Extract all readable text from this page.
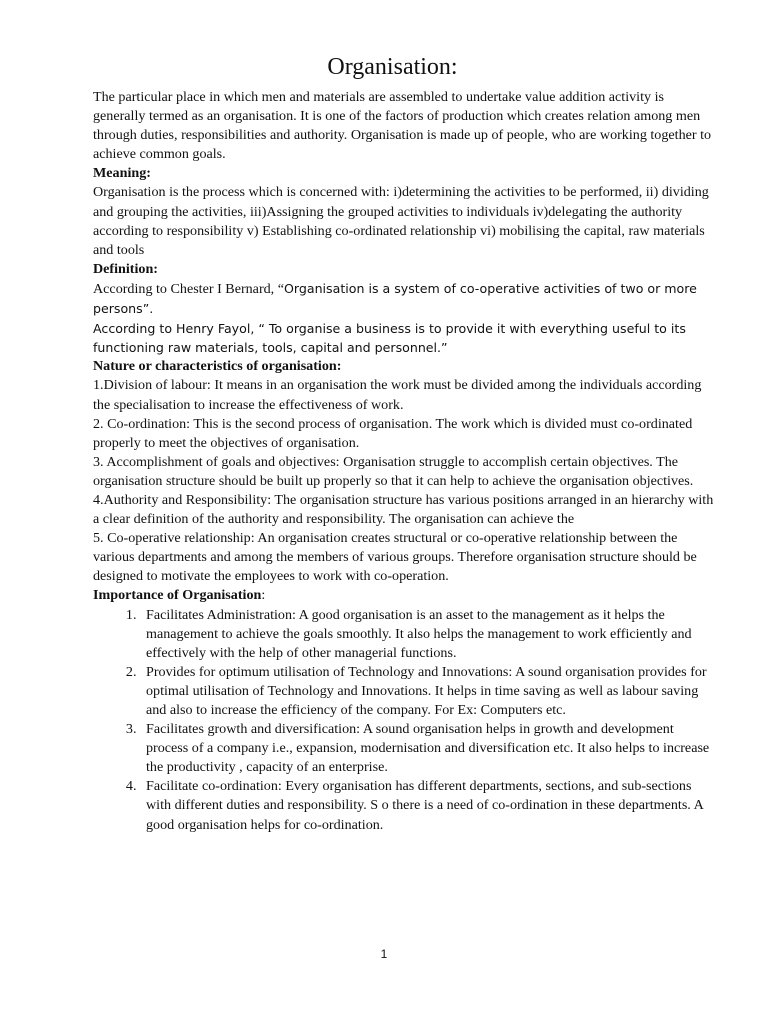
Organisation:

The particular place in which men and materials are assembled to undertake value addition activity is generally termed as an organisation. It is one of the factors of production which creates relation among men through duties, responsibilities and authority. Organisation is made up of people, who are working together to achieve common goals.

Meaning:

Organisation is the process which is concerned with: i)determining the activities to be performed, ii) dividing and grouping the activities, iii)Assigning the grouped activities to individuals iv)delegating the authority according to responsibility v) Establishing co-ordinated relationship vi) mobilising the capital, raw materials and tools

Definition:

According to Chester I Bernard, “Organisation is a system of co-operative activities of two or more persons”.

According to Henry Fayol, “ To organise a business is to provide it with everything useful to its functioning raw materials, tools, capital and personnel.”

Nature or characteristics of organisation:

1.Division of labour: It means in an organisation the work must be divided among the individuals according the specialisation to increase the effectiveness of work.

2. Co-ordination: This is the second process of organisation. The work which is divided must co-ordinated properly to meet the objectives of organisation.

3. Accomplishment of goals and objectives: Organisation struggle to accomplish certain objectives. The organisation structure should be built up properly so that it can help to achieve the organisation objectives.

4.Authority and Responsibility: The organisation structure has various positions arranged in an hierarchy with a clear definition of the authority and responsibility. The organisation can achieve the

5. Co-operative relationship: An organisation creates structural or co-operative relationship between the various departments and among the members of various groups. Therefore organisation structure should be designed to motivate the employees to work with co-operation.

Importance of Organisation:

1. Facilitates Administration: A good organisation is an asset to the management as it helps the management to achieve the goals smoothly. It also helps the management to work efficiently and effectively with the help of other managerial functions.
2. Provides for optimum utilisation of Technology and Innovations: A sound organisation provides for optimal utilisation of Technology and Innovations. It helps in time saving as well as labour saving and also to increase the efficiency of the company. For Ex: Computers etc.
3. Facilitates growth and diversification: A sound organisation helps in growth and development process of a company i.e., expansion, modernisation and diversification etc. It also helps to increase the productivity , capacity of an enterprise.
4. Facilitate co-ordination: Every organisation has different departments, sections, and sub-sections with different duties and responsibility. S o there is a need of co-ordination in these departments. A good organisation helps for co-ordination.
1
